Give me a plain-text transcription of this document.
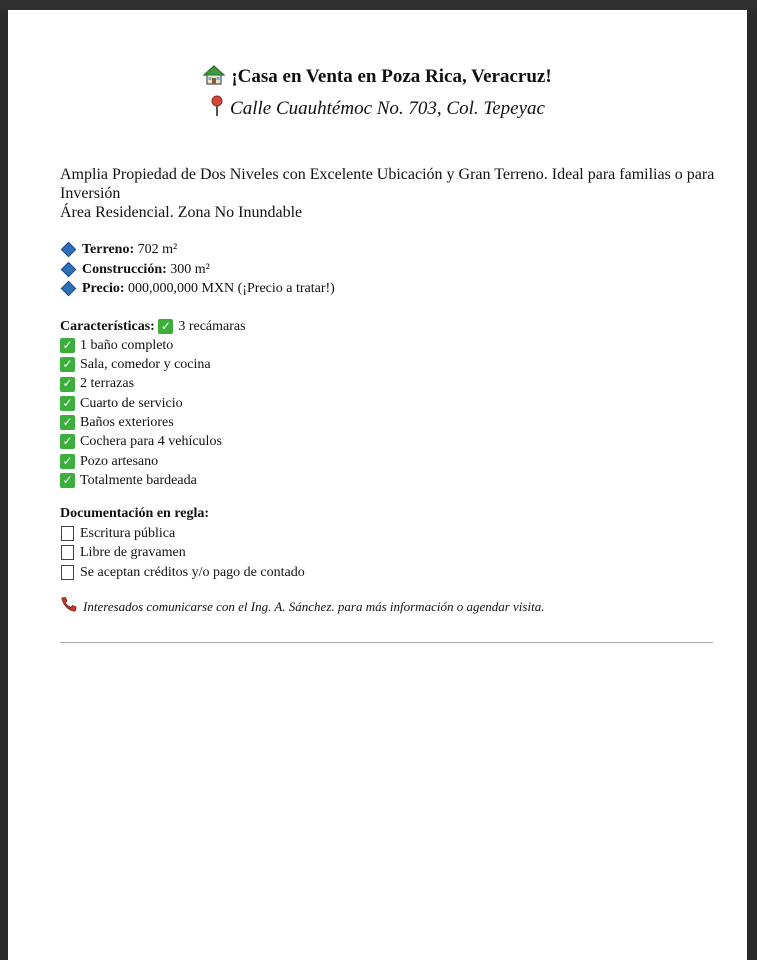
¡Casa en Venta en Poza Rica, Veracruz!
Calle Cuauhtémoc No. 703, Col. Tepeyac
Amplia Propiedad de Dos Niveles con Excelente Ubicación y Gran Terreno. Ideal para familias o para Inversión
Área Residencial. Zona No Inundable
Terreno:
702 m²
Construcción:
300 m²
Precio:
000,000,000 MXN (¡Precio a tratar!)
Características:
✓ 3 recámaras
✓ 1 baño completo
✓ Sala, comedor y cocina
✓ 2 terrazas
✓ Cuarto de servicio
✓ Baños exteriores
✓ Cochera para 4 vehículos
✓ Pozo artesano
✓ Totalmente bardeada
Documentación en regla:
Escritura pública
Libre de gravamen
Se aceptan créditos y/o pago de contado
Interesados comunicarse con el Ing. A. Sánchez. para más información o agendar visita.
